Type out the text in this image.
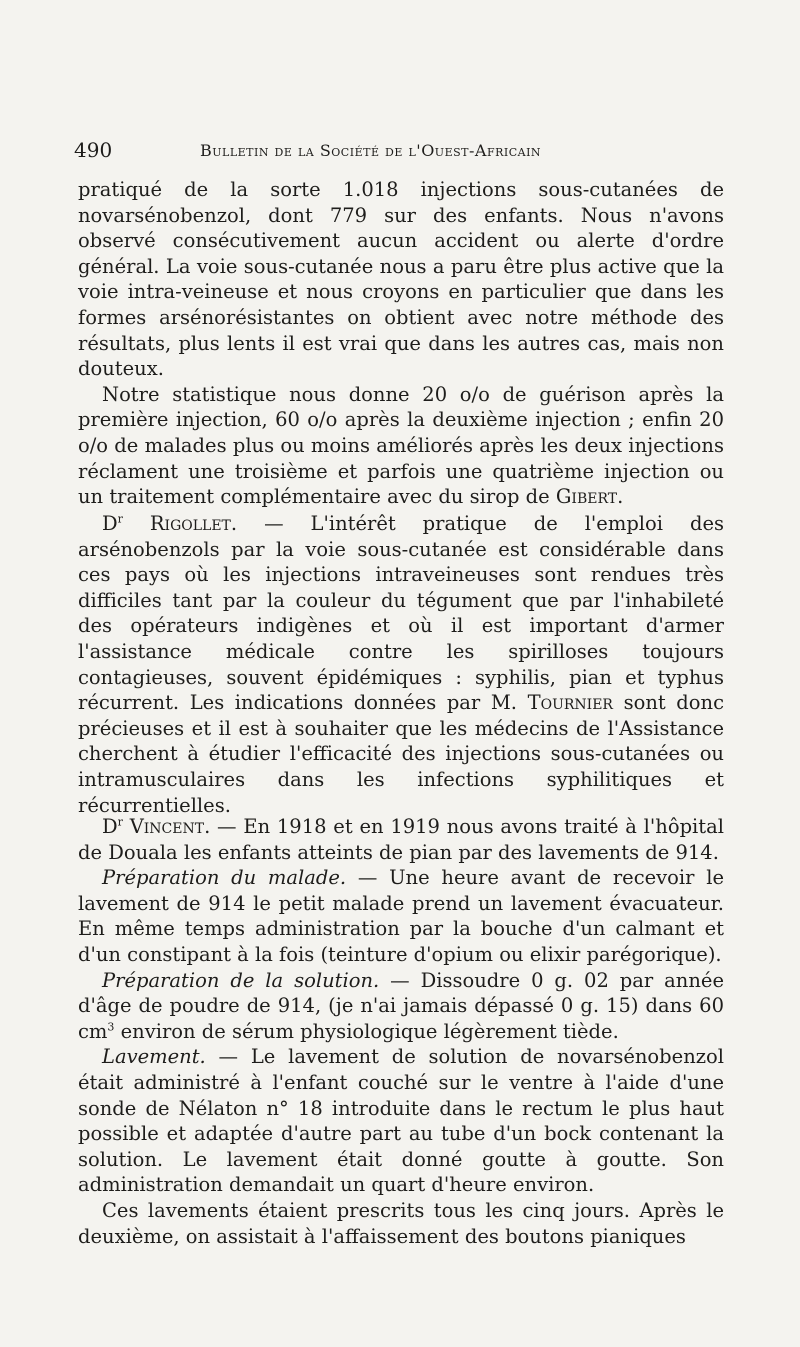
490	Bulletin de la Société de l'Ouest-Africain

pratiqué de la sorte 1.018 injections sous-cutanées de novarsénobenzol, dont 779 sur des enfants. Nous n'avons observé consécutivement aucun accident ou alerte d'ordre général. La voie sous-cutanée nous a paru être plus active que la voie intra-veineuse et nous croyons en particulier que dans les formes arsénorésistantes on obtient avec notre méthode des résultats, plus lents il est vrai que dans les autres cas, mais non douteux.

Notre statistique nous donne 20 o/o de guérison après la première injection, 60 o/o après la deuxième injection ; enfin 20 o/o de malades plus ou moins améliorés après les deux injections réclament une troisième et parfois une quatrième injection ou un traitement complémentaire avec du sirop de Gibert.

$D^r$ Rigollet. — L'intérêt pratique de l'emploi des arsénobenzols par la voie sous-cutanée est considérable dans ces pays où les injections intraveineuses sont rendues très difficiles tant par la couleur du tégument que par l'inhabileté des opérateurs indigènes et où il est important d'armer l'assistance médicale contre les spirilloses toujours contagieuses, souvent épidémiques : syphilis, pian et typhus récurrent. Les indications données par M. Tournier sont donc précieuses et il est à souhaiter que les médecins de l'Assistance cherchent à étudier l'efficacité des injections sous-cutanées ou intramusculaires dans les infections syphilitiques et récurrentielles.

$D^r$ Vincent. — En 1918 et en 1919 nous avons traité à l'hôpital de Douala les enfants atteints de pian par des lavements de 914.

Préparation du malade. — Une heure avant de recevoir le lavement de 914 le petit malade prend un lavement évacuateur. En même temps administration par la bouche d'un calmant et d'un constipant à la fois (teinture d'opium ou elixir parégorique).

Préparation de la solution. — Dissoudre 0 g. 02 par année d'âge de poudre de 914, (je n'ai jamais dépassé 0 g. 15) dans 60 $cm^3$ environ de sérum physiologique légèrement tiède.

Lavement. — Le lavement de solution de novarsénobenzol était administré à l'enfant couché sur le ventre à l'aide d'une sonde de Nélaton n° 18 introduite dans le rectum le plus haut possible et adaptée d'autre part au tube d'un bock contenant la solution. Le lavement était donné goutte à goutte. Son administration demandait un quart d'heure environ.

Ces lavements étaient prescrits tous les cinq jours. Après le deuxième, on assistait à l'affaissement des boutons pianiques
